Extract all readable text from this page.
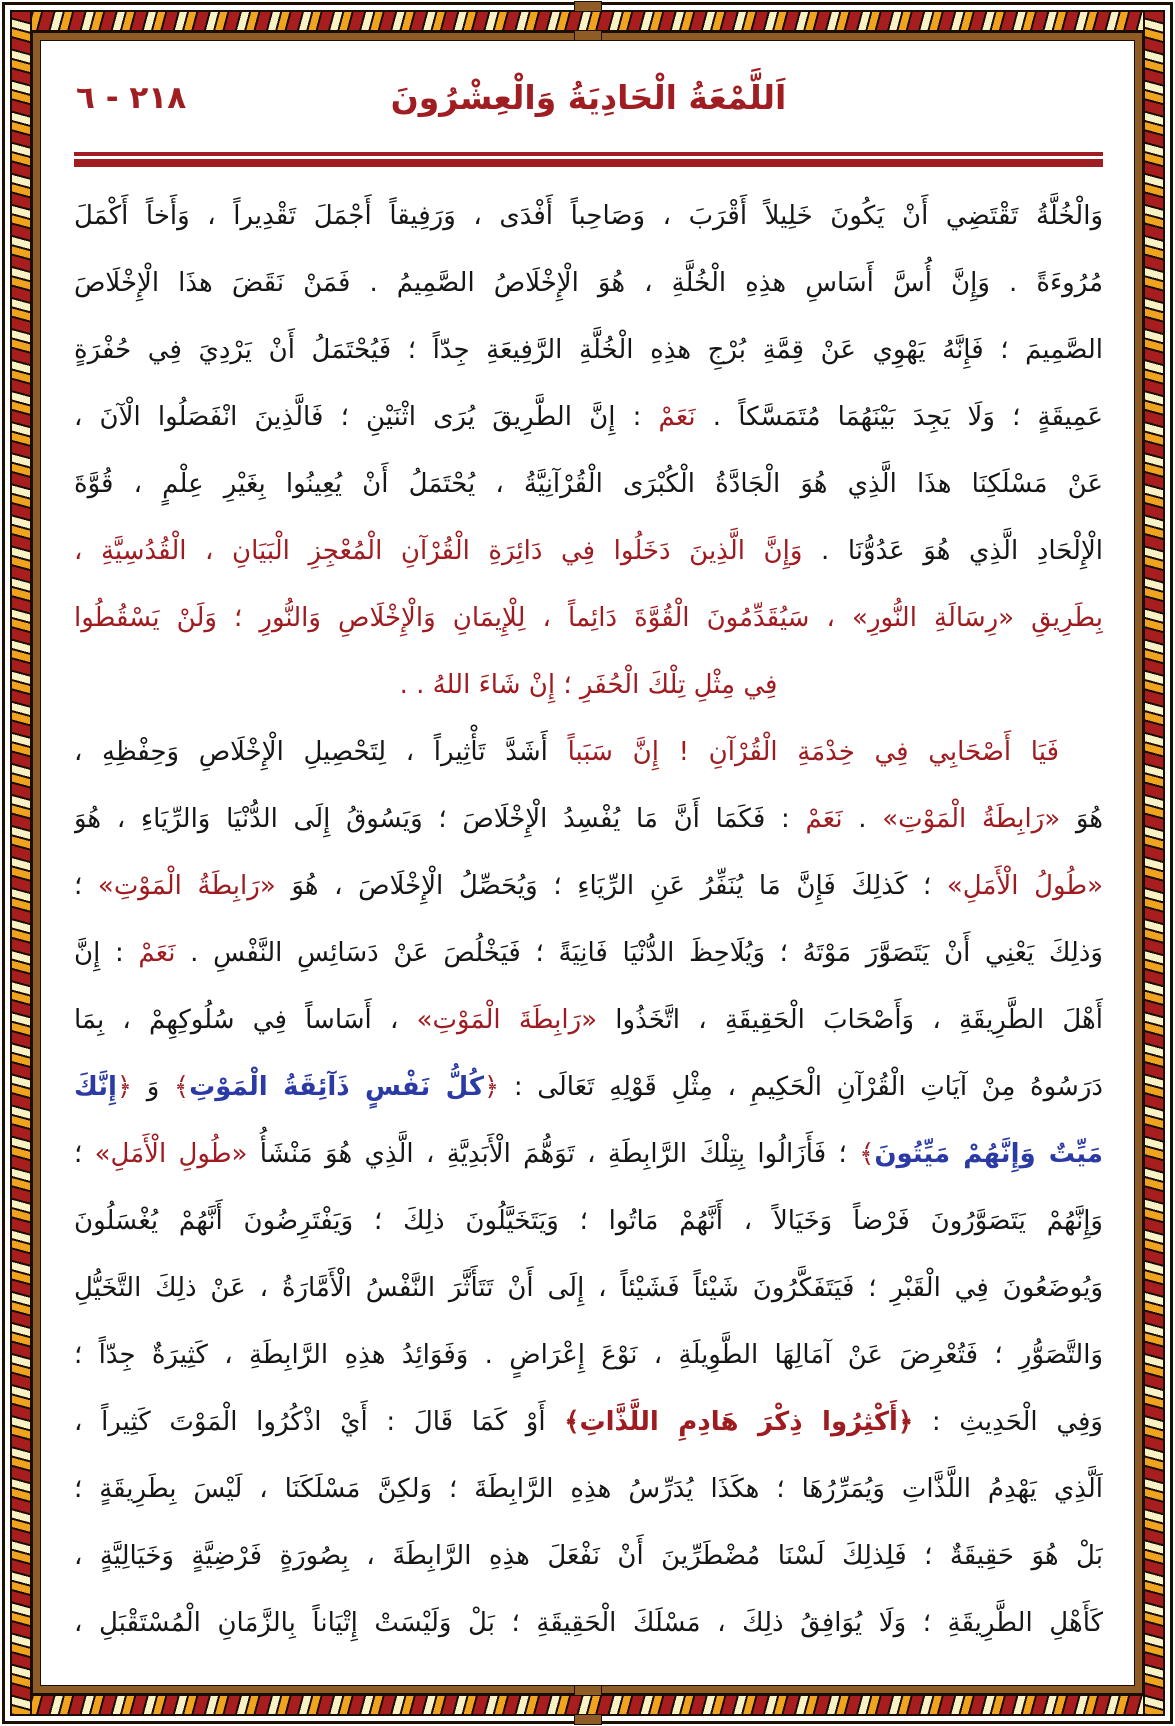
اَللَّمْعَةُ الْحَادِيَةُ وَالْعِشْرُونَ
٢١٨ - ٦
وَالْخُلَّةُ تَقْتَضِي أَنْ يَكُونَ خَلِيلاً أَقْرَبَ ، وَصَاحِباً أَفْدَى ، وَرَفِيقاً أَجْمَلَ تَقْدِيراً ، وَأَخاً أَكْمَلَ
مُرُوءَةً . وَإِنَّ أُسَّ أَسَاسِ هذِهِ الْخُلَّةِ ، هُوَ الْإِخْلَاصُ الصَّمِيمُ . فَمَنْ نَقَضَ هذَا الْإِخْلَاصَ
الصَّمِيمَ ؛ فَإِنَّهُ يَهْوِي عَنْ قِمَّةِ بُرْجِ هذِهِ الْخُلَّةِ الرَّفِيعَةِ جِدّاً ؛ فَيُحْتَمَلُ أَنْ يَرْدِيَ فِي حُفْرَةٍ
عَمِيقَةٍ ؛ وَلَا يَجِدَ بَيْنَهُمَا مُتَمَسَّكاً . نَعَمْ : إِنَّ الطَّرِيقَ يُرَى اثْنَيْنِ ؛ فَالَّذِينَ انْفَصَلُوا الْآنَ ،
عَنْ مَسْلَكِنَا هذَا الَّذِي هُوَ الْجَادَّةُ الْكُبْرَى الْقُرْآنِيَّةُ ، يُحْتَمَلُ أَنْ يُعِينُوا بِغَيْرِ عِلْمٍ ، قُوَّةَ
الْإِلْحَادِ الَّذِي هُوَ عَدُوُّنَا . وَإِنَّ الَّذِينَ دَخَلُوا فِي دَائِرَةِ الْقُرْآنِ الْمُعْجِزِ الْبَيَانِ ، الْقُدُسِيَّةِ ،
بِطَرِيقِ «رِسَالَةِ النُّورِ» ، سَيُقَدِّمُونَ الْقُوَّةَ دَائِماً ، لِلْإِيمَانِ وَالْإِخْلَاصِ وَالنُّورِ ؛ وَلَنْ يَسْقُطُوا
فِي مِثْلِ تِلْكَ الْحُفَرِ ؛ إِنْ شَاءَ اللهُ . .
فَيَا أَصْحَابِي فِي خِدْمَةِ الْقُرْآنِ ! إِنَّ سَبَباً أَشَدَّ تَأْثِيراً ، لِتَحْصِيلِ الْإِخْلَاصِ وَحِفْظِهِ ،
هُوَ «رَابِطَةُ الْمَوْتِ» . نَعَمْ : فَكَمَا أَنَّ مَا يُفْسِدُ الْإِخْلَاصَ ؛ وَيَسُوقُ إِلَى الدُّنْيَا وَالرِّيَاءِ ، هُوَ
«طُولُ الْأَمَلِ» ؛ كَذلِكَ فَإِنَّ مَا يُنَفِّرُ عَنِ الرِّيَاءِ ؛ وَيُحَصِّلُ الْإِخْلَاصَ ، هُوَ «رَابِطَةُ الْمَوْتِ» ؛
وَذلِكَ يَعْنِي أَنْ يَتَصَوَّرَ مَوْتَهُ ؛ وَيُلَاحِظَ الدُّنْيَا فَانِيَةً ؛ فَيَخْلُصَ عَنْ دَسَائِسِ النَّفْسِ . نَعَمْ : إِنَّ
أَهْلَ الطَّرِيقَةِ ، وَأَصْحَابَ الْحَقِيقَةِ ، اتَّخَذُوا «رَابِطَةَ الْمَوْتِ» ، أَسَاساً فِي سُلُوكِهِمْ ، بِمَا
دَرَسُوهُ مِنْ آيَاتِ الْقُرْآنِ الْحَكِيمِ ، مِثْلِ قَوْلِهِ تَعَالَى : ﴿كُلُّ نَفْسٍ ذَآئِقَةُ الْمَوْتِ﴾ وَ ﴿إِنَّكَ
مَيِّتٌ وَإِنَّهُمْ مَيِّتُونَ﴾ ؛ فَأَزَالُوا بِتِلْكَ الرَّابِطَةِ ، تَوَهُّمَ الْأَبَدِيَّةِ ، الَّذِي هُوَ مَنْشَأُ «طُولِ الْأَمَلِ» ؛
وَإِنَّهُمْ يَتَصَوَّرُونَ فَرْضاً وَخَيَالاً ، أَنَّهُمْ مَاتُوا ؛ وَيَتَخَيَّلُونَ ذلِكَ ؛ وَيَفْتَرِضُونَ أَنَّهُمْ يُغْسَلُونَ
وَيُوضَعُونَ فِي الْقَبْرِ ؛ فَيَتَفَكَّرُونَ شَيْئاً فَشَيْئاً ، إِلَى أَنْ تَتَأَثَّرَ النَّفْسُ الْأَمَّارَةُ ، عَنْ ذلِكَ التَّخَيُّلِ
وَالتَّصَوُّرِ ؛ فَتُعْرِضَ عَنْ آمَالِهَا الطَّوِيلَةِ ، نَوْعَ إِعْرَاضٍ . وَفَوَائِدُ هذِهِ الرَّابِطَةِ ، كَثِيرَةٌ جِدّاً ؛
وَفِي الْحَدِيثِ : ﴿أَكْثِرُوا ذِكْرَ هَادِمِ اللَّذَّاتِ﴾ أَوْ كَمَا قَالَ : أَيْ اذْكُرُوا الْمَوْتَ كَثِيراً ،
اَلَّذِي يَهْدِمُ اللَّذَّاتِ وَيُمَرِّرُهَا ؛ هكَذَا يُدَرِّسُ هذِهِ الرَّابِطَةَ ؛ وَلكِنَّ مَسْلَكَنَا ، لَيْسَ بِطَرِيقَةٍ ؛
بَلْ هُوَ حَقِيقَةٌ ؛ فَلِذلِكَ لَسْنَا مُضْطَرِّينَ أَنْ نَفْعَلَ هذِهِ الرَّابِطَةَ ، بِصُورَةٍ فَرْضِيَّةٍ وَخَيَالِيَّةٍ ،
كَأَهْلِ الطَّرِيقَةِ ؛ وَلَا يُوَافِقُ ذلِكَ ، مَسْلَكَ الْحَقِيقَةِ ؛ بَلْ وَلَيْسَتْ إِتْيَاناً بِالزَّمَانِ الْمُسْتَقْبَلِ ،
